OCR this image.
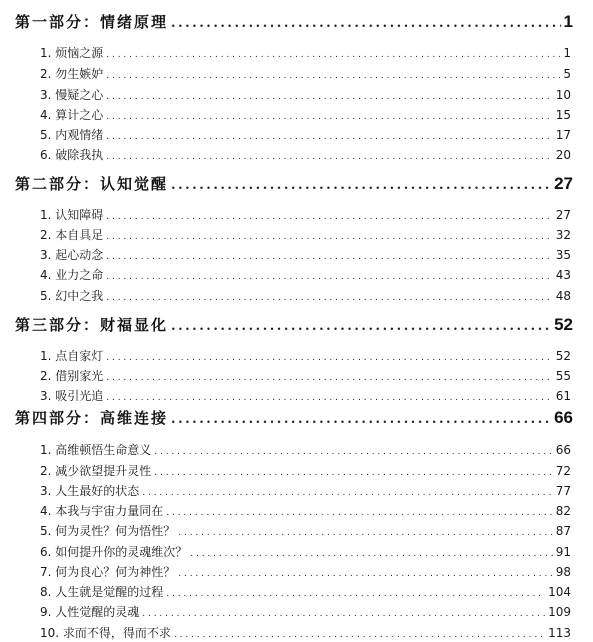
第一部分：情绪原理 . . .	1
1. 烦恼之源 . . .	1
2. 勿生嫉妒 . . .	5
3. 慢疑之心 . . .	10
4. 算计之心 . . .	15
5. 内观情绪 . . .	17
6. 破除我执 . . .	20
第二部分：认知觉醒 . . .	27
1. 认知障碍 . . .	27
2. 本自具足 . . .	32
3. 起心动念 . . .	35
4. 业力之命 . . .	43
5. 幻中之我 . . .	48
第三部分：财福显化 . . .	52
1. 点自家灯 . . .	52
2. 借别家光 . . .	55
3. 吸引光追 . . .	61
第四部分：高维连接 . . .	66
1. 高维顿悟生命意义 . . .	66
2. 减少欲望提升灵性 . . .	72
3. 人生最好的状态 . . .	77
4. 本我与宇宙力量同在 . . .	82
5. 何为灵性？何为悟性？ . . .	87
6. 如何提升你的灵魂维次？ . . .	91
7. 何为良心？何为神性？ . . .	98
8. 人生就是觉醒的过程 . . .	104
9. 人性觉醒的灵魂 . . .	109
10. 求而不得，得而不求 . . .	113
